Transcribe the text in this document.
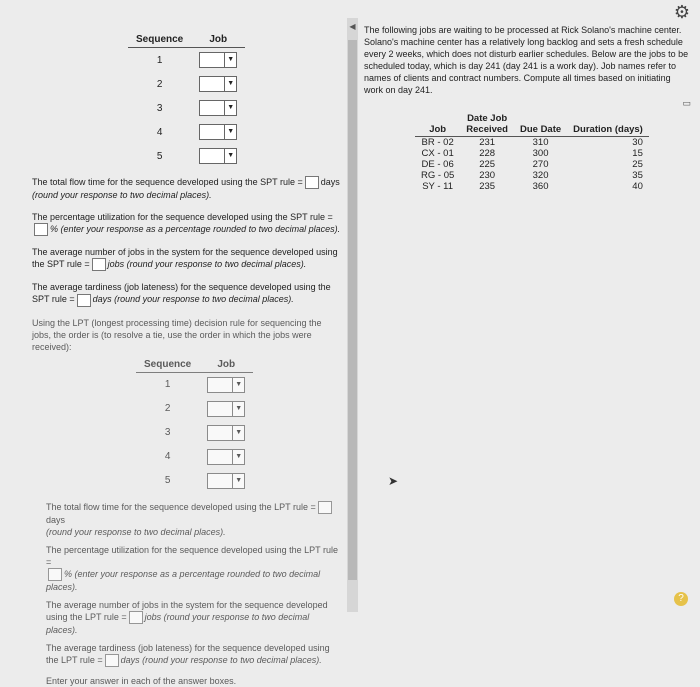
⚙
Sequence	Job
1	▼

2	▼

3	▼

4	▼

5	▼

The total flow time for the sequence developed using the SPT rule = days
(round your response to two decimal places).

The percentage utilization for the sequence developed using the SPT rule =
% (enter your response as a percentage rounded to two decimal places).

The average number of jobs in the system for the sequence developed using the SPT rule = jobs (round your response to two decimal places).

The average tardiness (job lateness) for the sequence developed using the SPT rule = days (round your response to two decimal places).

Using the LPT (longest processing time) decision rule for sequencing the jobs, the order is (to resolve a tie, use the order in which the jobs were received):

Sequence	Job
1	▼

2	▼

3	▼

4	▼

5	▼

The total flow time for the sequence developed using the LPT rule =days
(round your response to two decimal places).

The percentage utilization for the sequence developed using the LPT rule =
% (enter your response as a percentage rounded to two decimal places).

The average number of jobs in the system for the sequence developed using the LPT rule = jobs (round your response to two decimal places).

The average tardiness (job lateness) for the sequence developed using the LPT rule = days (round your response to two decimal places).

Enter your answer in each of the answer boxes.

◀ The following jobs are waiting to be processed at Rick Solano's machine center. Solano's machine center has a relatively long backlog and sets a fresh schedule every 2 weeks, which does not disturb earlier schedules. Below are the jobs to be scheduled today, which is day 241 (day 241 is a work day). Job names refer to names of clients and contract numbers. Compute all times based on initiating work on day 241.

▭
Job	Date Job Received	Due Date	Duration (days)
BR - 02	231	310	30
CX - 01	228	300	15
DE - 06	225	270	25
RG - 05	230	320	35
SY - 11	235	360	40
➤
?
